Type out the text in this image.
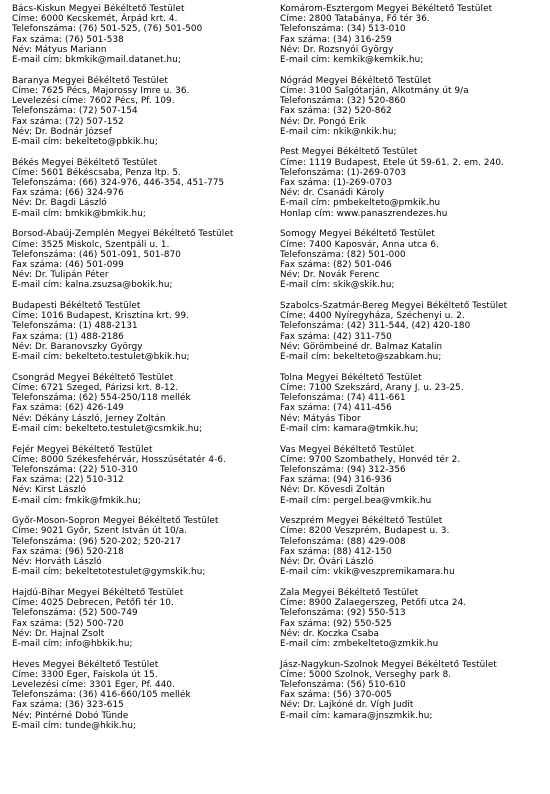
Bács-Kiskun Megyei Békéltető Testület
Címe: 6000 Kecskemét, Árpád krt. 4.
Telefonszáma: (76) 501-525, (76) 501-500
Fax száma: (76) 501-538
Név: Mátyus Mariann
E-mail cím: bkmkik@mail.datanet.hu;
Baranya Megyei Békéltető Testület
Címe: 7625 Pécs, Majorossy Imre u. 36.
Levelezési címe: 7602 Pécs, Pf. 109.
Telefonszáma: (72) 507-154
Fax száma: (72) 507-152
Név: Dr. Bodnár József
E-mail cím: bekelteto@pbkik.hu;
Békés Megyei Békéltető Testület
Címe: 5601 Békéscsaba, Penza ltp. 5.
Telefonszáma: (66) 324-976, 446-354, 451-775
Fax száma: (66) 324-976
Név: Dr. Bagdi László
E-mail cím: bmkik@bmkik.hu;
Borsod-Abaúj-Zemplén Megyei Békéltető Testület
Címe: 3525 Miskolc, Szentpáli u. 1.
Telefonszáma: (46) 501-091, 501-870
Fax száma: (46) 501-099
Név: Dr. Tulipán Péter
E-mail cím: kalna.zsuzsa@bokik.hu;
Budapesti Békéltető Testület
Címe: 1016 Budapest, Krisztina krt. 99.
Telefonszáma: (1) 488-2131
Fax száma: (1) 488-2186
Név: Dr. Baranovszky György
E-mail cím: bekelteto.testulet@bkik.hu;
Csongrád Megyei Békéltető Testület
Címe: 6721 Szeged, Párizsi krt. 8-12.
Telefonszáma: (62) 554-250/118 mellék
Fax száma: (62) 426-149
Név: Dékány László, Jerney Zoltán
E-mail cím: bekelteto.testulet@csmkik.hu;
Fejér Megyei Békéltető Testület
Címe: 8000 Székesfehérvár, Hosszúsétatér 4-6.
Telefonszáma: (22) 510-310
Fax száma: (22) 510-312
Név: Kirst László
E-mail cím: fmkik@fmkik.hu;
Győr-Moson-Sopron Megyei Békéltető Testület
Címe: 9021 Győr, Szent István út 10/a.
Telefonszáma: (96) 520-202; 520-217
Fax száma: (96) 520-218
Név: Horváth László
E-mail cím: bekeltetotestulet@gymskik.hu;
Hajdú-Bihar Megyei Békéltető Testület
Címe: 4025 Debrecen, Petőfi tér 10.
Telefonszáma: (52) 500-749
Fax száma: (52) 500-720
Név: Dr. Hajnal Zsolt
E-mail cím: info@hbkik.hu;
Heves Megyei Békéltető Testület
Címe: 3300 Eger, Faiskola út 15.
Levelezési címe: 3301 Eger, Pf. 440.
Telefonszáma: (36) 416-660/105 mellék
Fax száma: (36) 323-615
Név: Pintérné Dobó Tünde
E-mail cím: tunde@hkik.hu;
Komárom-Esztergom Megyei Békéltető Testület
Címe: 2800 Tatabánya, Fő tér 36.
Telefonszáma: (34) 513-010
Fax száma: (34) 316-259
Név: Dr. Rozsnyói György
E-mail cím: kemkik@kemkik.hu;
Nógrád Megyei Békéltető Testület
Címe: 3100 Salgótarján, Alkotmány út 9/a
Telefonszáma: (32) 520-860
Fax száma: (32) 520-862
Név: Dr. Pongó Erik
E-mail cím: nkik@nkik.hu;
Pest Megyei Békéltető Testület
Címe: 1119 Budapest, Etele út 59-61. 2. em. 240.
Telefonszáma: (1)-269-0703
Fax száma: (1)-269-0703
Név: dr. Csanádi Károly
E-mail cím: pmbekelteto@pmkik.hu
Honlap cím: www.panaszrendezes.hu
Somogy Megyei Békéltető Testület
Címe: 7400 Kaposvár, Anna utca 6.
Telefonszáma: (82) 501-000
Fax száma: (82) 501-046
Név: Dr. Novák Ferenc
E-mail cím: skik@skik.hu;
Szabolcs-Szatmár-Bereg Megyei Békéltető Testület
Címe: 4400 Nyíregyháza, Széchenyi u. 2.
Telefonszáma: (42) 311-544, (42) 420-180
Fax száma: (42) 311-750
Név: Görömbeiné dr. Balmaz Katalin
E-mail cím: bekelteto@szabkam.hu;
Tolna Megyei Békéltető Testület
Címe: 7100 Szekszárd, Arany J. u. 23-25.
Telefonszáma: (74) 411-661
Fax száma: (74) 411-456
Név: Mátyás Tibor
E-mail cím: kamara@tmkik.hu;
Vas Megyei Békéltető Testület
Címe: 9700 Szombathely, Honvéd tér 2.
Telefonszáma: (94) 312-356
Fax száma: (94) 316-936
Név: Dr. Kövesdi Zoltán
E-mail cím: pergel.bea@vmkik.hu
Veszprém Megyei Békéltető Testület
Címe: 8200 Veszprém, Budapest u. 3.
Telefonszáma: (88) 429-008
Fax száma: (88) 412-150
Név: Dr. Óvári László
E-mail cím: vkik@veszpremikamara.hu
Zala Megyei Békéltető Testület
Címe: 8900 Zalaegerszeg, Petőfi utca 24.
Telefonszáma: (92) 550-513
Fax száma: (92) 550-525
Név: dr. Koczka Csaba
E-mail cím: zmbekelteto@zmkik.hu
Jász-Nagykun-Szolnok Megyei Békéltető Testület
Címe: 5000 Szolnok, Verseghy park 8.
Telefonszáma: (56) 510-610
Fax száma: (56) 370-005
Név: Dr. Lajkóné dr. Vígh Judit
E-mail cím: kamara@jnszmkik.hu;
